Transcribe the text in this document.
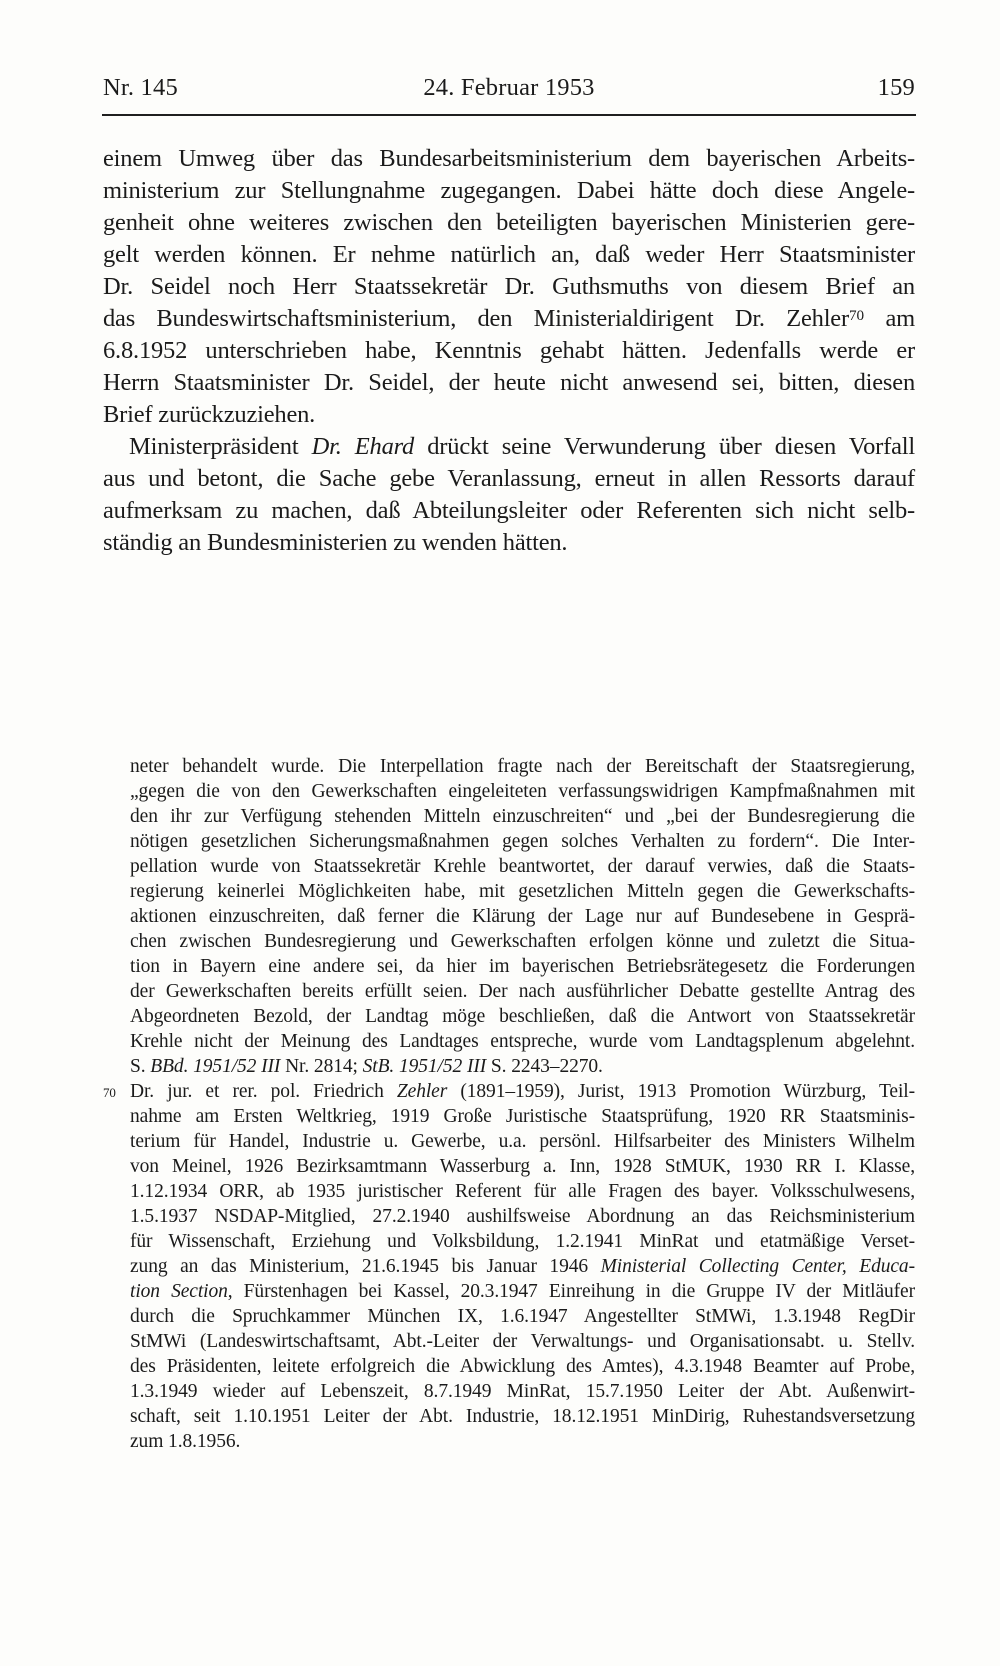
Nr. 145	24. Februar 1953	159
einem Umweg über das Bundesarbeitsministerium dem bayerischen Arbeits-
ministerium zur Stellungnahme zugegangen. Dabei hätte doch diese Angele-
genheit ohne weiteres zwischen den beteiligten bayerischen Ministerien gere-
gelt werden können. Er nehme natürlich an, daß weder Herr Staatsminister
Dr. Seidel noch Herr Staatssekretär Dr. Guthsmuths von diesem Brief an
das Bundeswirtschaftsministerium, den Ministerialdirigent Dr. Zehler$^{70}$ am
6.8.1952 unterschrieben habe, Kenntnis gehabt hätten. Jedenfalls werde er
Herrn Staatsminister Dr. Seidel, der heute nicht anwesend sei, bitten, diesen
Brief zurückzuziehen.
Ministerpräsident Dr. Ehard drückt seine Verwunderung über diesen Vorfall
aus und betont, die Sache gebe Veranlassung, erneut in allen Ressorts darauf
aufmerksam zu machen, daß Abteilungsleiter oder Referenten sich nicht selb-
ständig an Bundesministerien zu wenden hätten.
neter behandelt wurde. Die Interpellation fragte nach der Bereitschaft der Staatsregierung,
„gegen die von den Gewerkschaften eingeleiteten verfassungswidrigen Kampfmaßnahmen mit
den ihr zur Verfügung stehenden Mitteln einzuschreiten“ und „bei der Bundesregierung die
nötigen gesetzlichen Sicherungsmaßnahmen gegen solches Verhalten zu fordern“. Die Inter-
pellation wurde von Staatssekretär Krehle beantwortet, der darauf verwies, daß die Staats-
regierung keinerlei Möglichkeiten habe, mit gesetzlichen Mitteln gegen die Gewerkschafts-
aktionen einzuschreiten, daß ferner die Klärung der Lage nur auf Bundesebene in Gesprä-
chen zwischen Bundesregierung und Gewerkschaften erfolgen könne und zuletzt die Situa-
tion in Bayern eine andere sei, da hier im bayerischen Betriebsrätegesetz die Forderungen
der Gewerkschaften bereits erfüllt seien. Der nach ausführlicher Debatte gestellte Antrag des
Abgeordneten Bezold, der Landtag möge beschließen, daß die Antwort von Staatssekretär
Krehle nicht der Meinung des Landtages entspreche, wurde vom Landtagsplenum abgelehnt.
S. BBd. 1951/52 III Nr. 2814; StB. 1951/52 III S. 2243–2270.
70 Dr. jur. et rer. pol. Friedrich Zehler (1891–1959), Jurist, 1913 Promotion Würzburg, Teil-
nahme am Ersten Weltkrieg, 1919 Große Juristische Staatsprüfung, 1920 RR Staatsminis-
terium für Handel, Industrie u. Gewerbe, u.a. persönl. Hilfsarbeiter des Ministers Wilhelm
von Meinel, 1926 Bezirksamtmann Wasserburg a. Inn, 1928 StMUK, 1930 RR I. Klasse,
1.12.1934 ORR, ab 1935 juristischer Referent für alle Fragen des bayer. Volksschulwesens,
1.5.1937 NSDAP-Mitglied, 27.2.1940 aushilfsweise Abordnung an das Reichsministerium
für Wissenschaft, Erziehung und Volksbildung, 1.2.1941 MinRat und etatmäßige Verset-
zung an das Ministerium, 21.6.1945 bis Januar 1946 Ministerial Collecting Center, Educa-
tion Section, Fürstenhagen bei Kassel, 20.3.1947 Einreihung in die Gruppe IV der Mitläufer
durch die Spruchkammer München IX, 1.6.1947 Angestellter StMWi, 1.3.1948 RegDir
StMWi (Landeswirtschaftsamt, Abt.-Leiter der Verwaltungs- und Organisationsabt. u. Stellv.
des Präsidenten, leitete erfolgreich die Abwicklung des Amtes), 4.3.1948 Beamter auf Probe,
1.3.1949 wieder auf Lebenszeit, 8.7.1949 MinRat, 15.7.1950 Leiter der Abt. Außenwirt-
schaft, seit 1.10.1951 Leiter der Abt. Industrie, 18.12.1951 MinDirig, Ruhestandsversetzung
zum 1.8.1956.
